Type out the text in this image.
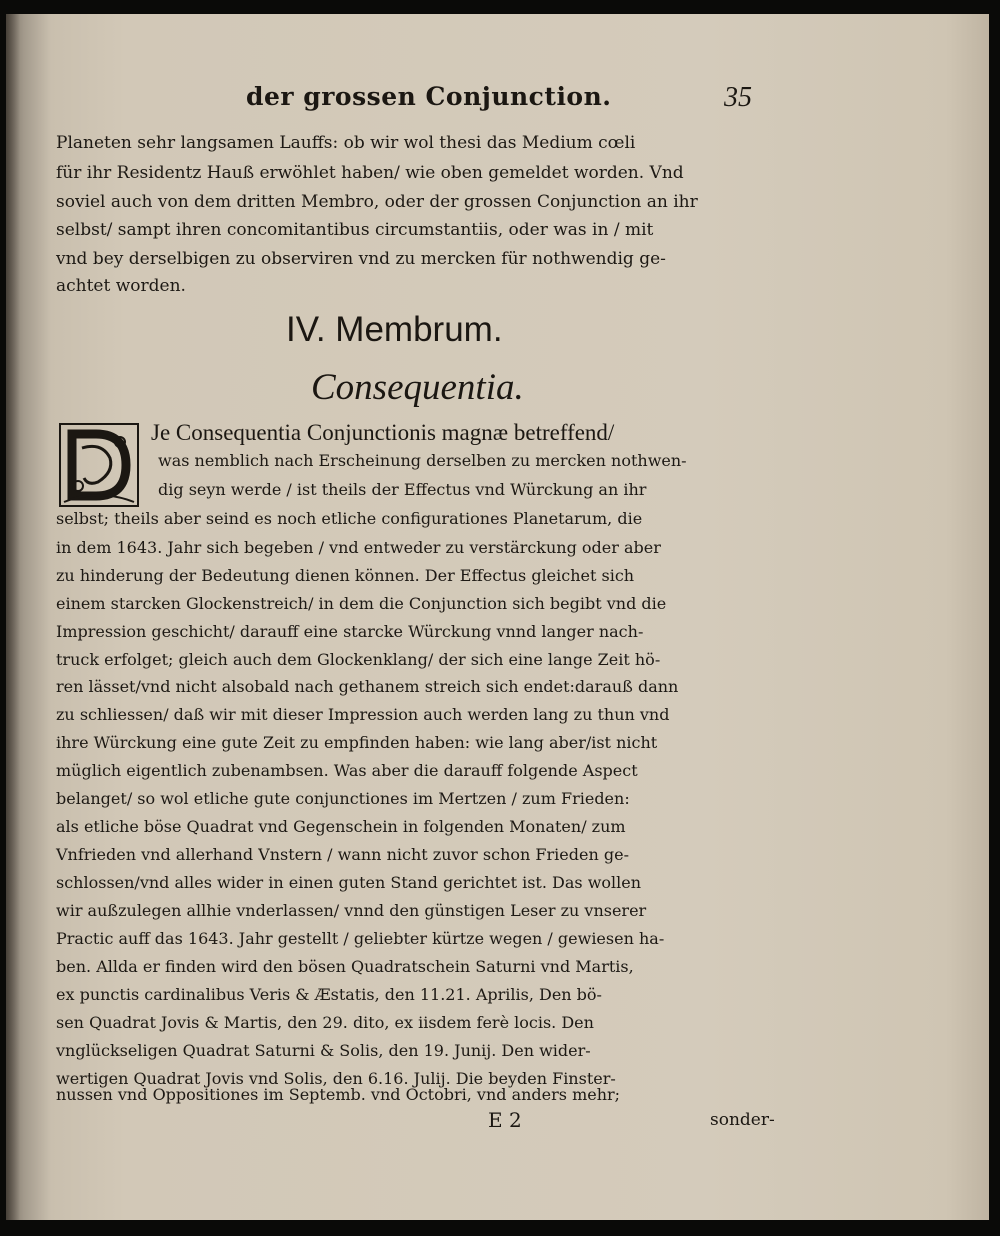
der grossen Conjunction.	35
Planeten sehr langsamen Lauffs: ob wir wol thesi das Medium cœli
für ihr Residentz Hauß erwöhlet haben/ wie oben gemeldet worden. Vnd
soviel auch von dem dritten Membro, oder der grossen Conjunction an ihr
selbst/ sampt ihren concomitantibus circumstantiis, oder was in / mit
vnd bey derselbigen zu observiren vnd zu mercken für nothwendig ge-
achtet worden.
IV. Membrum.
Consequentia.
Je Consequentia Conjunctionis magnæ betreffend/
was nemblich nach Erscheinung derselben zu mercken nothwen-
dig seyn werde / ist theils der Effectus vnd Würckung an ihr
selbst; theils aber seind es noch etliche configurationes Planetarum, die
in dem 1643. Jahr sich begeben / vnd entweder zu verstärckung oder aber
zu hinderung der Bedeutung dienen können. Der Effectus gleichet sich
einem starcken Glockenstreich/ in dem die Conjunction sich begibt vnd die
Impression geschicht/ darauff eine starcke Würckung vnnd langer nach-
truck erfolget; gleich auch dem Glockenklang/ der sich eine lange Zeit hö-
ren lässet/vnd nicht alsobald nach gethanem streich sich endet:darauß dann
zu schliessen/ daß wir mit dieser Impression auch werden lang zu thun vnd
ihre Würckung eine gute Zeit zu empfinden haben: wie lang aber/ist nicht
müglich eigentlich zubenambsen. Was aber die darauff folgende Aspect
belanget/ so wol etliche gute conjunctiones im Mertzen / zum Frieden:
als etliche böse Quadrat vnd Gegenschein in folgenden Monaten/ zum
Vnfrieden vnd allerhand Vnstern / wann nicht zuvor schon Frieden ge-
schlossen/vnd alles wider in einen guten Stand gerichtet ist. Das wollen
wir außzulegen allhie vnderlassen/ vnnd den günstigen Leser zu vnserer
Practic auff das 1643. Jahr gestellt / geliebter kürtze wegen / gewiesen ha-
ben. Allda er finden wird den bösen Quadratschein Saturni vnd Martis,
ex punctis cardinalibus Veris & Æstatis, den 11.21. Aprilis, Den bö-
sen Quadrat Jovis & Martis, den 29. dito, ex iisdem ferè locis. Den
vnglückseligen Quadrat Saturni & Solis, den 19. Junij. Den wider-
wertigen Quadrat Jovis vnd Solis, den 6.16. Julij. Die beyden Finster-
nussen vnd Oppositiones im Septemb. vnd Octobri, vnd anders mehr;
E 2	sonder-
